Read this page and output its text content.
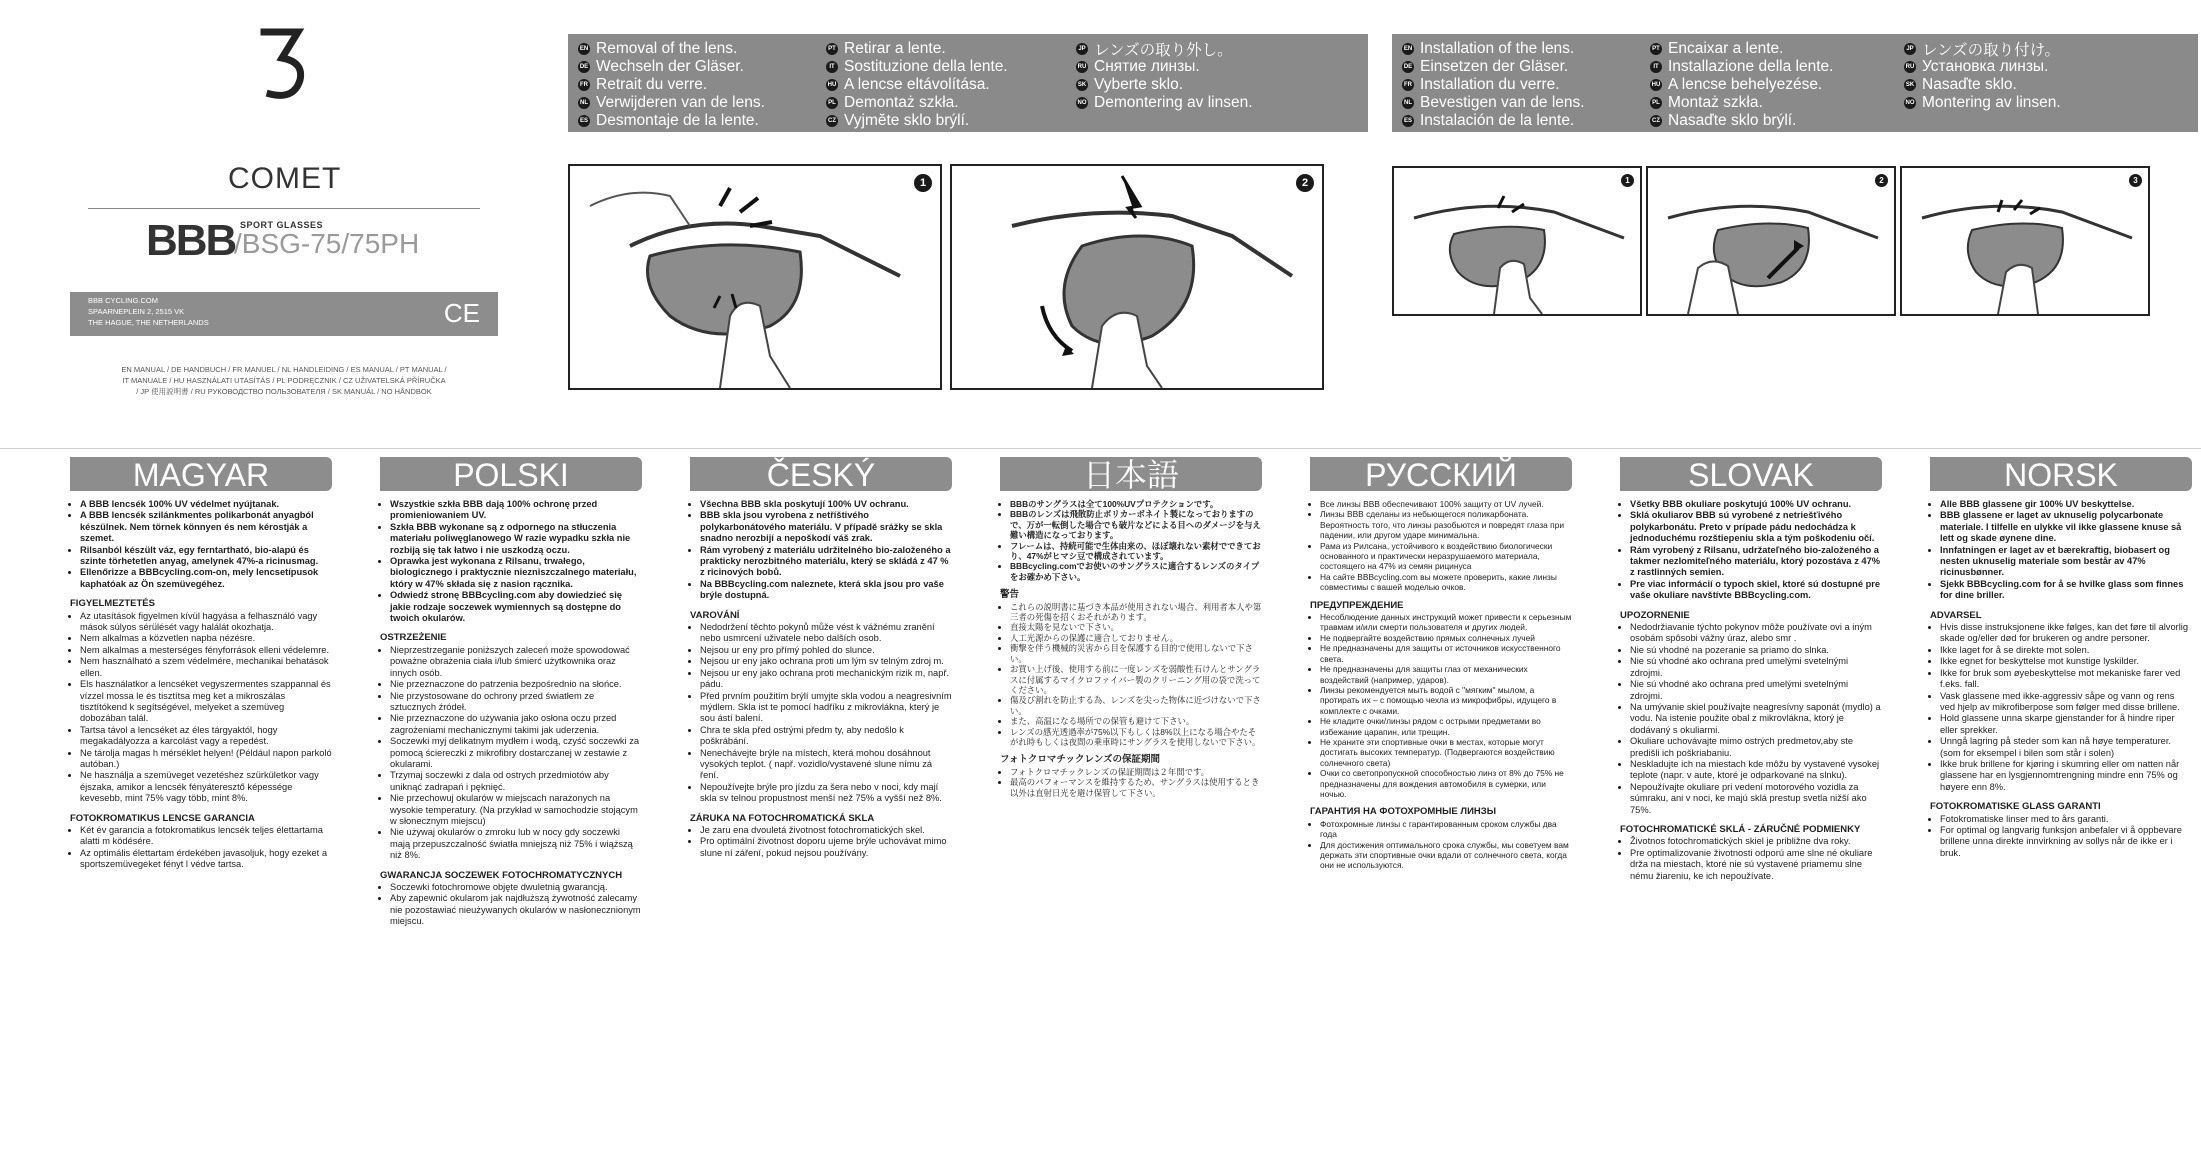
COMET
BBB SPORT GLASSES
/BSG-75/75PH
BBB CYCLING.COM
SPAARNEPLEIN 2, 2515 VK
THE HAGUE, THE NETHERLANDS	CE
EN MANUAL / DE HANDBUCH / FR MANUEL / NL HANDLEIDING / ES MANUAL / PT MANUAL /
IT MANUALE / HU HASZNÁLATI UTASÍTÁS / PL PODRĘCZNIK / CZ UŽIVATELSKÁ PŘÍRUČKA
/ JP 使用説明書 / RU РУКОВОДСТВО ПОЛЬЗОВАТЕЛЯ / SK MANUÁL / NO HÅNDBOK
EN Removal of the lens.
DE Wechseln der Gläser.
FR Retrait du verre.
NL Verwijderen van de lens.
ES Desmontaje de la lente.
PT Retirar a lente.
IT Sostituzione della lente.
HU A lencse eltávolítása.
PL Demontaż szkła.
CZ Vyjmĕte sklo brýlí.
JP レンズの取り外し。
RU Снятие линзы.
SK Vyberte sklo.
NO Demontering av linsen.
EN Installation of the lens.
DE Einsetzen der Gläser.
FR Installation du verre.
NL Bevestigen van de lens.
ES Instalación de la lente.
PT Encaixar a lente.
IT Installazione della lente.
HU A lencse behelyezése.
PL Montaż szkła.
CZ Nasaďte sklo brýlí.
JP レンズの取り付け。
RU Установка линзы.
SK Nasaďte sklo.
NO Montering av linsen.
1	2	1	2	3
MAGYAR
• A BBB lencsék 100% UV védelmet nyújtanak.
• A BBB lencsék szilánkmentes polikarbonát anyagból készülnek. Nem törnek könnyen és nem kérostják a szemet.
• Rilsanból készült váz, egy ferntartható, bio-alapú és szinte törhetetlen anyag, amelynek 47%-a ricinusmag.
• Ellenőrizze a BBBcycling.com-on, mely lencsetípusok kaphatóak az Ön szemüvegéhez.
FIGYELMEZTETÉS
• Az utasítások figyelmen kívül hagyása a felhasználó vagy mások súlyos sérülését vagy halálát okozhatja.
• Nem alkalmas a közvetlen napba nézésre.
• Nem alkalmas a mesterséges fényforrások elleni védelemre.
• Nem használható a szem védelmére, mechanikai behatások ellen.
• Els használatkor a lencséket vegyszermentes szappannal és vízzel mossa le és tisztítsa meg ket a mikroszálas tisztítókend k segítségével, melyeket a szemüveg dobozában talál.
• Tartsa távol a lencséket az éles tárgyaktól, hogy megakadályozza a karcolást vagy a repedést.
• Ne tárolja magas h mérséklet helyen! (Például napon parkoló autóban.)
• Ne használja a szemüveget vezetéshez szürkületkor vagy éjszaka, amikor a lencsék fényáteresztő képessége kevesebb, mint 75% vagy több, mint 8%.
FOTOKROMATIKUS LENCSE GARANCIA
• Két év garancia a fotokromatikus lencsék teljes élettartama alatti m ködésére.
• Az optimális élettartam érdekében javasoljuk, hogy ezeket a sportszemüvegeket fényt l védve tartsa.
POLSKI
• Wszystkie szkła BBB dają 100% ochronę przed promieniowaniem UV.
• Szkła BBB wykonane są z odpornego na stłuczenia materiału poliwęglanowego W razie wypadku szkła nie rozbiją się tak łatwo i nie uszkodzą oczu.
• Oprawka jest wykonana z Rilsanu, trwałego, biologicznego i praktycznie niezniszczalnego materiału, który w 47% składa się z nasion rącznika.
• Odwiedź stronę BBBcycling.com aby dowiedzieć się jakie rodzaje soczewek wymiennych są dostępne do twoich okularów.
OSTRZEŻENIE
• Nieprzestrzeganie poniższych zaleceń może spowodować poważne obrażenia ciała i/lub śmierć użytkownika oraz innych osób.
• Nie przeznaczone do patrzenia bezpośrednio na słońce.
• Nie przystosowane do ochrony przed światłem ze sztucznych źródeł.
• Nie przeznaczone do używania jako osłona oczu przed zagrożeniami mechanicznymi takimi jak uderzenia.
• Soczewki myj delikatnym mydłem i wodą, czyść soczewki za pomocą ściereczki z mikrofibry dostarczanej w zestawie z okularami.
• Trzymaj soczewki z dala od ostrych przedmiotów aby uniknąć zadrapań i pęknięć.
• Nie przechowuj okularów w miejscach narażonych na wysokie temperatury. (Na przykład w samochodzie stojącym w słonecznym miejscu)
• Nie używaj okularów o zmroku lub w nocy gdy soczewki mają przepuszczalność światła mniejszą niż 75% i wiąższą niż 8%.
GWARANCJA SOCZEWEK FOTOCHROMATYCZNYCH
• Soczewki fotochromowe objęte dwuletnią gwarancją.
• Aby zapewnić okularom jak najdłuższą żywotność zalecamy nie pozostawiać nieużywanych okularów w nasłonecznionym miejscu.
ČESKÝ
• Všechna BBB skla poskytují 100% UV ochranu.
• BBB skla jsou vyrobena z netříštivého polykarbonátového materiálu. V případě srážky se skla snadno nerozbijí a nepoškodí váš zrak.
• Rám vyrobený z materiálu udržitelného bio-založeného a prakticky nerozbitného materiálu, který se skládá z 47 % z ricinových bobů.
• Na BBBcycling.com naleznete, která skla jsou pro vaše brýle dostupná.
VAROVÁNÍ
• Nedodržení těchto pokynů může vést k vážnému zranění nebo usmrcení uživatele nebo dalších osob.
• Nejsou ur eny pro přímý pohled do slunce.
• Nejsou ur eny jako ochrana proti um lým sv telným zdroj m.
• Nejsou ur eny jako ochrana proti mechanickým rizik m, např. pádu.
• Před prvním použitím brýlí umyjte skla vodou a neagresivním mýdlem. Skla ist te pomocí hadříku z mikrovlákna, který je sou ástí balení.
• Chra te skla před ostrými předm ty, aby nedošlo k poškrábání.
• Nenechávejte brýle na místech, která mohou dosáhnout vysokých teplot. ( např. vozidlo/vystavené slune nímu zá ření.
• Nepoužívejte brýle pro jízdu za šera nebo v noci, kdy mají skla sv telnou propustnost menší než 75% a vyšší než 8%.
ZÁRUKA NA FOTOCHROMATICKÁ SKLA
• Je zaru ena dvouletá životnost fotochromatických skel.
• Pro optimální životnost doporu ujeme brýle uchovávat mimo slune ní záření, pokud nejsou používány.
日本語
• BBBのサングラスは全て100%UVプロテクションです。
• BBBのレンズは飛散防止ポリカーボネイト製になっておりますので、万が一転倒した場合でも破片などによる目へのダメージを与え難い構造になっております。
• フレームは、持続可能で生体由来の、ほぼ壊れない素材でできており、47%がヒマシ豆で構成されています。
• BBBcycling.comでお使いのサングラスに適合するレンズのタイプをお確かめ下さい。
警告
• これらの説明書に基づき本品が使用されない場合、利用者本人や第三者の死傷を招くおそれがあります。
• 直接太陽を見ないで下さい。
• 人工光源からの保護に適合しておりません。
• 衝撃を伴う機械的災害から目を保護する目的で使用しないで下さい。
• お買い上げ後、使用する前に一度レンズを弱酸性石けんとサングラスに付属するマイクロファイバー製のクリーニング用の袋で洗ってください。
• 傷及び割れを防止する為、レンズを尖った物体に近づけないで下さい。
• また、高温になる場所での保管も避けて下さい。
• レンズの感光透過率が75%以下もしくは8%以上になる場合やたそがれ時もしくは夜間の乗車時にサングラスを使用しないで下さい。
フォトクロマチックレンズの保証期間
• フォトクロマチックレンズの保証期間は２年間です。
• 最高のパフォーマンスを維持するため、サングラスは使用するとき以外は直射日光を避け保管して下さい。
РУССКИЙ
• Все линзы BBB обеспечивают 100% защиту от UV лучей.
• Линзы BBB сделаны из небьющегося поликарбоната. Вероятность того, что линзы разобьются и повредят глаза при падении, или другом ударе минимальна.
• Рама из Рилсана, устойчивого к воздействию биологически основанного и практически неразрушаемого материала, состоящего на 47% из семян рицинуса
• На сайте BBBcycling.com вы можете проверить, какие линзы совместимы с вашей моделью очков.
ПРЕДУПРЕЖДЕНИЕ
• Несоблюдение данных инструкций может привести к серьезным травмам и/или смерти пользователя и других людей.
• Не подвергайте воздействию прямых солнечных лучей
• Не предназначены для защиты от источников искусственного света.
• Не предназначены для защиты глаз от механических воздействий (например, ударов).
• Линзы рекомендуется мыть водой с "мягким" мылом, а протирать их – с помощью чехла из микрофибры, идущего в комплекте с очками.
• Не кладите очки/линзы рядом с острыми предметами во избежание царапин, или трещин.
• Не храните эти спортивные очки в местах, которые могут достигать высоких температур. (Подвергаются воздействию солнечного света)
• Очки со светопропускной способностью линз от 8% до 75% не предназначены для вождения автомобиля в сумерки, или ночью.
ГАРАНТИЯ НА ФОТОХРОМНЫЕ ЛИНЗЫ
• Фотохромные линзы с гарантированным сроком службы два года
• Для достижения оптимального срока службы, мы советуем вам держать эти спортивные очки вдали от солнечного света, когда они не используются.
SLOVAK
• Všetky BBB okuliare poskytujú 100% UV ochranu.
• Sklá okuliarov BBB sú vyrobené z netriešťivého polykarbonátu. Preto v prípade pádu nedochádza k jednoduchému rozštiepeniu skla a tým poškodeniu očí.
• Rám vyrobený z Rilsanu, udržateľného bio-založeného a takmer nezlomiteľného materiálu, ktorý pozostáva z 47% z rastlinných semien.
• Pre viac informácií o typoch skiel, ktoré sú dostupné pre vaše okuliare navštívte BBBcycling.com.
UPOZORNENIE
• Nedodržiavanie týchto pokynov môže používate ovi a iným osobám spôsobi vážny úraz, alebo smr .
• Nie sú vhodné na pozeranie sa priamo do slnka.
• Nie sú vhodné ako ochrana pred umelými svetelnými zdrojmi.
• Nie sú vhodné ako ochrana pred umelými svetelnými zdrojmi.
• Na umývanie skiel používajte neagresívny saponát (mydlo) a vodu. Na istenie použite obal z mikrovlákna, ktorý je dodávaný s okuliarmi.
• Okuliare uchovávajte mimo ostrých predmetov,aby ste predišli ich poškriabaniu.
• Neskladujte ich na miestach kde môžu by vystavené vysokej teplote (napr. v aute, ktoré je odparkované na slnku).
• Nepoužívajte okuliare pri vedení motorového vozidla za súmraku, ani v noci, ke majú sklá prestup svetla nižší ako 75%.
FOTOCHROMATICKÉ SKLÁ - ZÁRUČNÉ PODMIENKY
• Životnos fotochromatických skiel je približne dva roky.
• Pre optimalizovanie životnosti odporú ame slne né okuliare drža na miestach, ktoré nie sú vystavené priamemu slne nému žiareniu, ke ich nepoužívate.
NORSK
• Alle BBB glassene gir 100% UV beskyttelse.
• BBB glassene er laget av uknuselig polycarbonate materiale. I tilfelle en ulykke vil ikke glassene knuse så lett og skade øynene dine.
• Innfatningen er laget av et bærekraftig, biobasert og nesten uknuselig materiale som består av 47% ricinusbønner.
• Sjekk BBBcycling.com for å se hvilke glass som finnes for dine briller.
ADVARSEL
• Hvis disse instruksjonene ikke følges, kan det føre til alvorlig skade og/eller død for brukeren og andre personer.
• Ikke laget for å se direkte mot solen.
• Ikke egnet for beskyttelse mot kunstige lyskilder.
• Ikke for bruk som øyebeskyttelse mot mekaniske farer ved f.eks. fall.
• Vask glassene med ikke-aggressiv såpe og vann og rens ved hjelp av mikrofiberpose som følger med disse brillene.
• Hold glassene unna skarpe gjenstander for å hindre riper eller sprekker.
• Unngå lagring på steder som kan nå høye temperaturer. (som for eksempel i bilen som står i solen)
• Ikke bruk brillene for kjøring i skumring eller om natten når glassene har en lysgjennomtrengning mindre enn 75% og høyere enn 8%.
FOTOKROMATISKE GLASS GARANTI
• Fotokromatiske linser med to års garanti.
• For optimal og langvarig funksjon anbefaler vi å oppbevare brillene unna direkte innvirkning av sollys når de ikke er i bruk.
